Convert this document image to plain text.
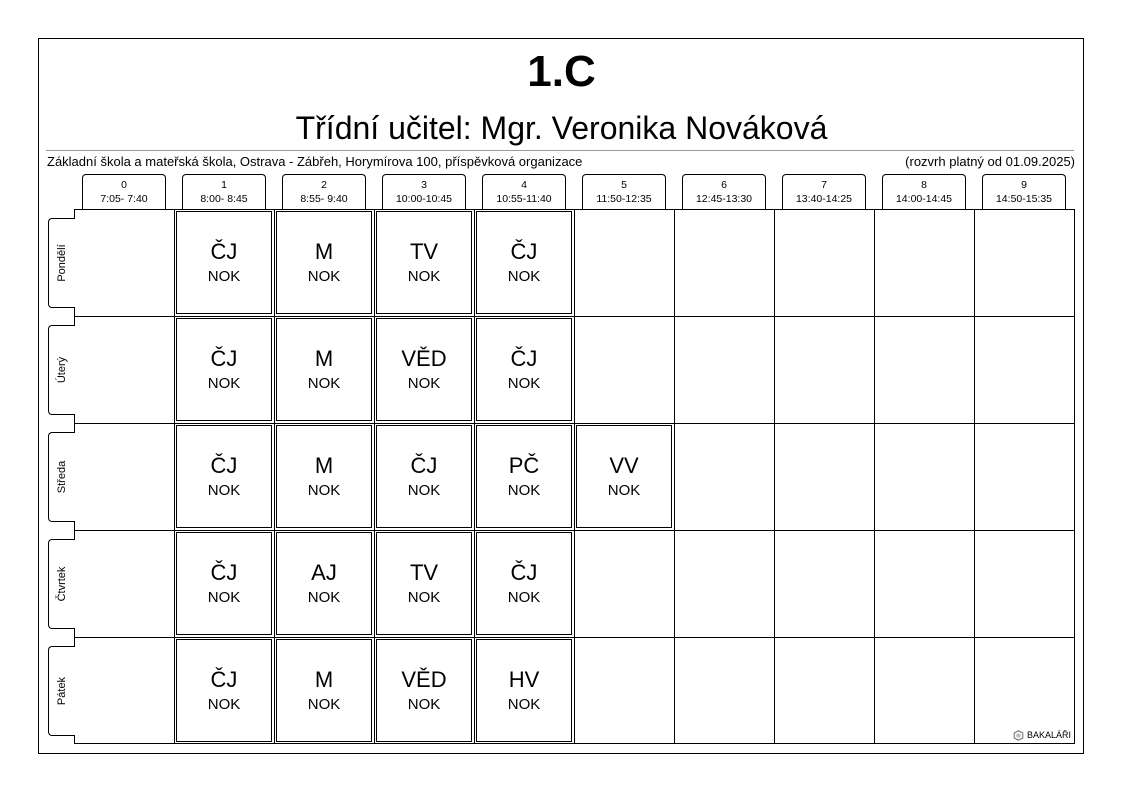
1.C
Třídní učitel: Mgr. Veronika Nováková
Základní škola a mateřská škola, Ostrava - Zábřeh, Horymírova 100, příspěvková organizace	(rozvrh platný od 01.09.2025)
0
7:05- 7:40
1
8:00- 8:45
2
8:55- 9:40
3
10:00-10:45
4
10:55-11:40
5
11:50-12:35
6
12:45-13:30
7
13:40-14:25
8
14:00-14:45
9
14:50-15:35
Pondělí
Úterý
Středa
Čtvrtek
Pátek
ČJ
NOK
M
NOK
TV
NOK
ČJ
NOK
ČJ
NOK
M
NOK
VĚD
NOK
ČJ
NOK
ČJ
NOK
M
NOK
ČJ
NOK
PČ
NOK
VV
NOK
ČJ
NOK
AJ
NOK
TV
NOK
ČJ
NOK
ČJ
NOK
M
NOK
VĚD
NOK
HV
NOK
BAKALÁŘI
